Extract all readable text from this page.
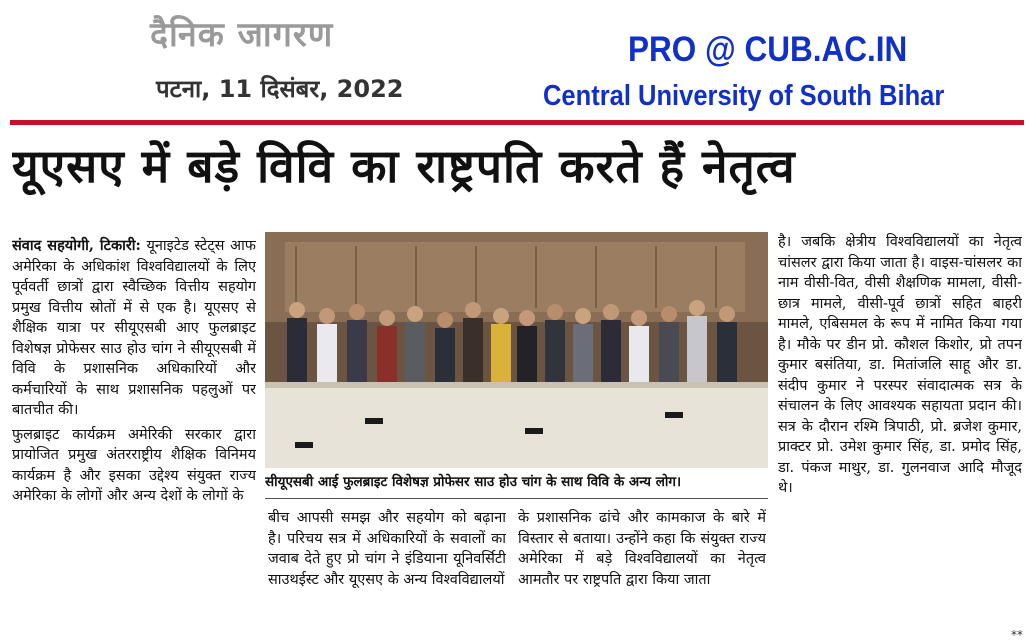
दैनिक जागरण
पटना, 11 दिसंबर, 2022
PRO @ CUB.AC.IN
Central University of South Bihar
यूएसए में बड़े विवि का राष्ट्रपति करते हैं नेतृत्व

संवाद सहयोगी, टिकारी: यूनाइटेड स्टेट्स आफ अमेरिका के अधिकांश विश्वविद्यालयों के लिए पूर्ववर्ती छात्रों द्वारा स्वैच्छिक वित्तीय सहयोग प्रमुख वित्तीय स्रोतों में से एक है। यूएसए से शैक्षिक यात्रा पर सीयूएसबी आए फुलब्राइट विशेषज्ञ प्रोफेसर साउ होउ चांग ने सीयूएसबी में विवि के प्रशासनिक अधिकारियों और कर्मचारियों के साथ प्रशासनिक पहलुओं पर बातचीत की।

फुलब्राइट कार्यक्रम अमेरिकी सरकार द्वारा प्रायोजित प्रमुख अंतरराष्ट्रीय शैक्षिक विनिमय कार्यक्रम है और इसका उद्देश्य संयुक्त राज्य अमेरिका के लोगों और अन्य देशों के लोगों के

सीयूएसबी आई फुलब्राइट विशेषज्ञ प्रोफेसर साउ होउ चांग के साथ विवि के अन्य लोग।

बीच आपसी समझ और सहयोग को बढ़ाना है। परिचय सत्र में अधिकारियों के सवालों का जवाब देते हुए प्रो चांग ने इंडियाना यूनिवर्सिटी साउथईस्ट और यूएसए के अन्य विश्वविद्यालयों

के प्रशासनिक ढांचे और कामकाज के बारे में विस्तार से बताया। उन्होंने कहा कि संयुक्त राज्य अमेरिका में बड़े विश्वविद्यालयों का नेतृत्व आमतौर पर राष्ट्रपति द्वारा किया जाता

है। जबकि क्षेत्रीय विश्वविद्यालयों का नेतृत्व चांसलर द्वारा किया जाता है। वाइस-चांसलर का नाम वीसी-वित, वीसी शैक्षणिक मामला, वीसी-छात्र मामले, वीसी-पूर्व छात्रों सहित बाहरी मामले, एबिसमल के रूप में नामित किया गया है। मौके पर डीन प्रो. कौशल किशोर, प्रो तपन कुमार बसंतिया, डा. मितांजलि साहू और डा. संदीप कुमार ने परस्पर संवादात्मक सत्र के संचालन के लिए आवश्यक सहायता प्रदान की। सत्र के दौरान रश्मि त्रिपाठी, प्रो. ब्रजेश कुमार, प्राक्टर प्रो. उमेश कुमार सिंह, डा. प्रमोद सिंह, डा. पंकज माथुर, डा. गुलनवाज आदि मौजूद थे।

**
